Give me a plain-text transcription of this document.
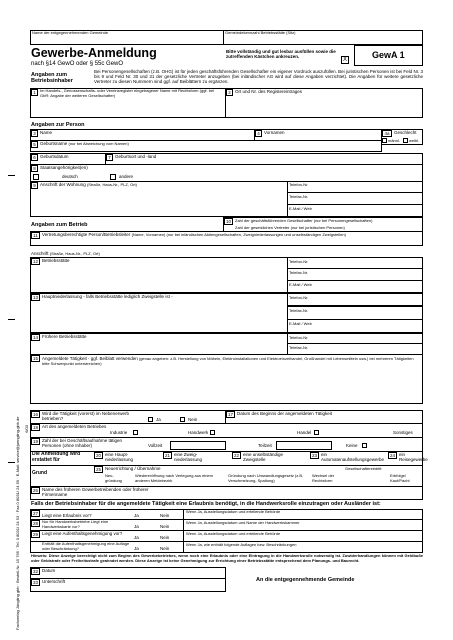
Fachverlag Jüngling gbb · Bestell-Nr. 15 765 · Tel. 0 8031/ 24 53 · Fax 0 8031/ 24 59 · E-Mail: service@juengling-gbb.de 6/03
Name der entgegennehmenden Gemeinde	Gemeindekennzahl Betriebsstätte (Sitz)
Gewerbe-Anmeldung
nach §14 GewO oder § 55c GewO
Bitte vollständig und gut lesbar ausfüllen sowie die zutreffenden Kästchen ankreuzen.
X	GewA 1
Angaben zum Betriebsinhaber
Bei Personengesellschaften (z.B. OHG) ist für jeden geschäftsführenden Gesellschafter ein eigener Vordruck auszufüllen. Bei juristischen Personen ist bei Feld Nr. 3 bis 9 und Feld Nr. 30 und 31 der gesetzliche Vertreter anzugeben (bei inländischer AG wird auf diese Angaben verzichtet). Die Angaben für weitere gesetzliche Vertreter zu diesen Nummern sind ggf. auf Beiblättern zu ergänzen.
1	Im Handels-, Genossenschafts- oder Vereinsregister eingetragener Name mit Rechtsform (ggf. bei GbR: Angabe der weiteren Gesellschafter)
2 Ort und Nr. des Registereintrages
Angaben zur Person
3 Name	4 Vornamen	4a	Geschlecht
männl. weibl.
5 Geburtsname (nur bei Abweichung vom Namen)
6 Geburtsdatum	7 Geburtsort und -land
8 Staatsangehörigkeit(en)
deutsch	andere
9 Anschrift der Wohnung (Straße, Haus-Nr., PLZ, Ort)	Telefon-Nr.
Telefax-Nr.
E-Mail / Web
Angaben zum Betrieb
10	Zahl der geschäftsführenden Gesellschafter (nur bei Personengesellschaften)
Zahl der gesetzlichen Vertreter (nur bei juristischen Personen)
11 Vertretungsberechtigte Person/Betriebsleiter (Name, Vornamen) (nur bei inländischen Aktiengesellschaften, Zweigniederlassungen und unselbständigen Zweigstellen)
Anschrift (Straße, Haus-Nr., PLZ, Ort)
12 Betriebsstätte	Telefon-Nr.
Telefax-Nr.
E-Mail / Web
13 Hauptniederlassung - falls Betriebsstätte lediglich Zweigstelle ist -	Telefon-Nr.
Telefax-Nr.
E-Mail / Web
14 Frühere Betriebsstätte	Telefon-Nr.
Telefax-Nr.
15 Angemeldete Tätigkeit - ggf. Beiblatt verwenden (genau angeben: z.B. Herstellung von Möbeln, Elektroinstallationen und Elektroeinzelhandel, Großhandel mit Lebensmitteln usw.) bei mehreren Tätigkeiten bitte Schwerpunkt unterstreichen)
16 Wird die Tätigkeit (vorerst) im Nebenerwerb betrieben?	Ja	Nein
17 Datum des Beginns der angemeldeten Tätigkeit
18 Art des angemeldeten Betriebes
Industrie	Handwerk	Handel	Sonstiges
19 Zahl der bei Geschäftsaufnahme tätigen Personen (ohne Inhaber)	Vollzeit	Teilzeit	Keine
Die Anmeldung wird erstattet für
20 eine Haupt-niederlassung
21 eine Zweig-niederlassung
22 eine unselbständige Zweigstelle
23 ein Automatenaufstellungsgewerbe
24 ein Reisegewerbe
Grund
25 Neuerrichtung / Übernahme
Neu-gründung
Wiedereröffnung nach Verlegung aus einem anderen Meldebezirk
Gründung nach Umwandlungsgesetz (z.B. Verschmelzung, Spaltung)
Wechsel der Rechtsform
Gesellschaftereintritt
Erbfolge/ Kauf/Pacht
26 Name des früheren Gewerbetreibenden oder früherer Firmenname
Falls der Betriebsinhaber für die angemeldete Tätigkeit eine Erlaubnis benötigt, in die Handwerksrolle einzutragen oder Ausländer ist:
27 Liegt eine Erlaubnis vor?	Ja	Nein
Wenn Ja, Ausstellungsdatum und erteilende Behörde
28	Nur für Handwerksbetriebe Liegt eine Handwerkskarte vor?	Ja	Nein
Wenn Ja, Ausstellungsdatum und Name der Handwerkskammer
29 Liegt eine Aufenthaltsgenehmigung vor?
Ja	Nein
Wenn Ja, Ausstellungsdatum und erteilende Behörde
Enthält die Aufenthaltsgenehmigung eine Auflage oder Beschränkung?	Ja	Nein
Wenn Ja, wie enthält folgende Auflagen bzw. Beschränkungen
Hinweis: Diese Anzeige berechtigt nicht zum Beginn des Gewerbebetriebes, wenn noch eine Erlaubnis oder eine Eintragung in die Handwerksrolle notwendig ist. Zuwiderhandlungen können mit Geldbuße oder Geldstrafe oder Freiheitsstrafe geahndet werden. Diese Anzeige ist keine Genehmigung zur Errichtung einer Betriebsstätte entsprechend dem Planungs- und Baurecht.
32 Datum
33 Unterschrift	An die entgegennehmende Gemeinde
